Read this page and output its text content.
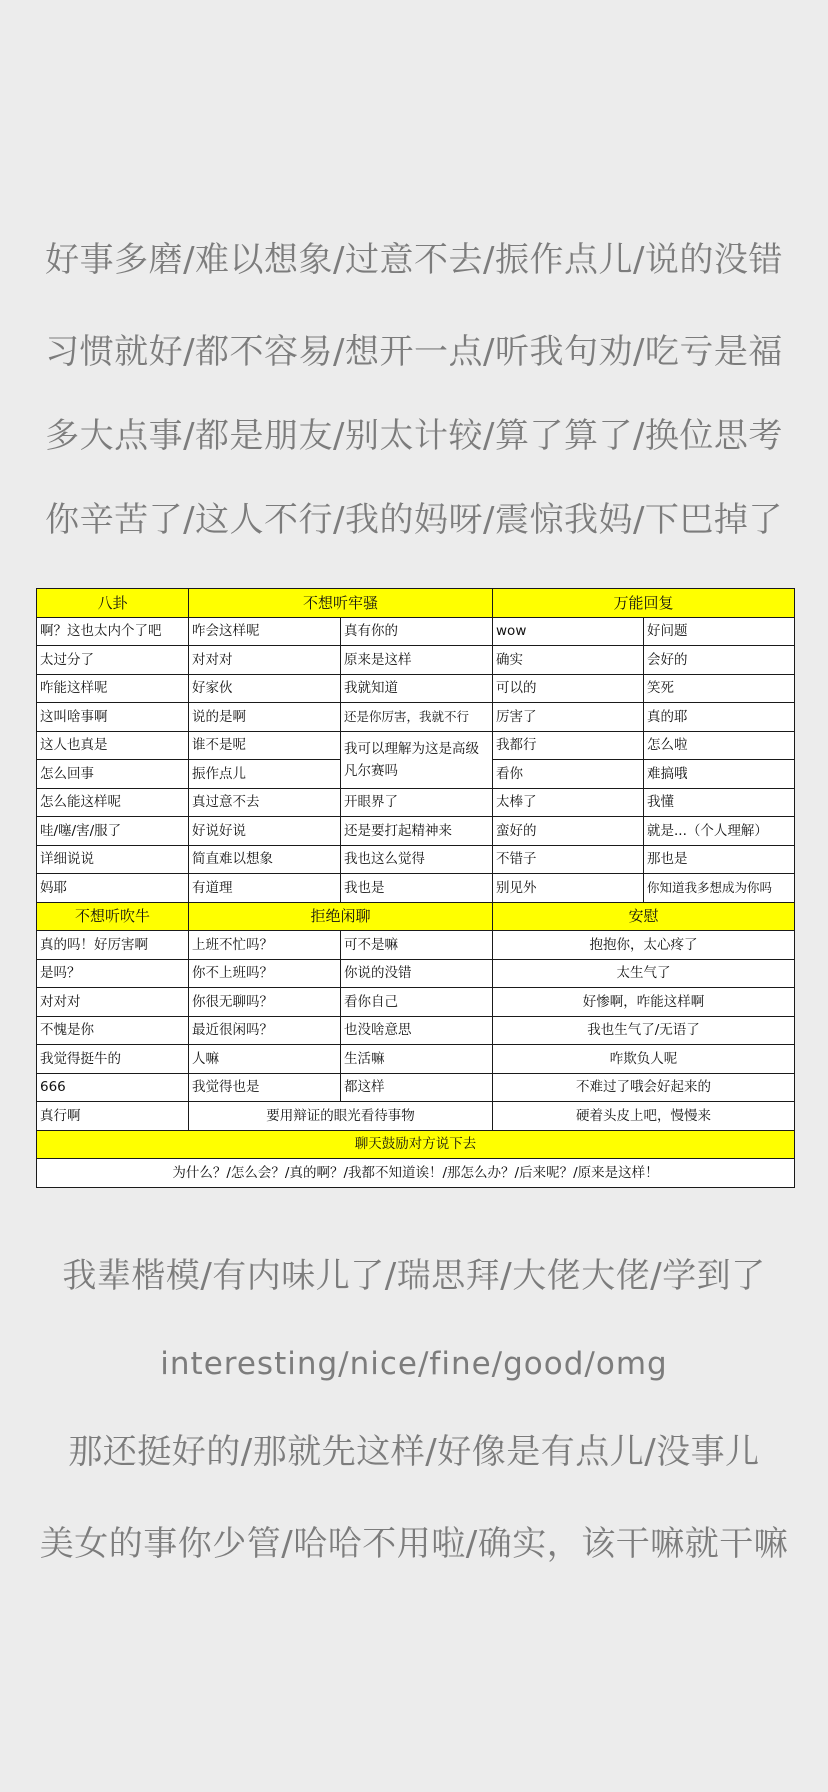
好事多磨/难以想象/过意不去/振作点儿/说的没错
习惯就好/都不容易/想开一点/听我句劝/吃亏是福
多大点事/都是朋友/别太计较/算了算了/换位思考
你辛苦了/这人不行/我的妈呀/震惊我妈/下巴掉了
八卦	不想听牢骚		万能回复	
啊？这也太内个了吧	咋会这样呢	真有你的	wow	好问题
太过分了	对对对	原来是这样	确实	会好的
咋能这样呢	好家伙	我就知道	可以的	笑死
这叫啥事啊	说的是啊	还是你厉害，我就不行	厉害了	真的耶
这人也真是	谁不是呢	我可以理解为这是高级凡尔赛吗	我都行	怎么啦
怎么回事	振作点儿		看你	难搞哦
怎么能这样呢	真过意不去	开眼界了	太棒了	我懂
哇/噻/害/服了	好说好说	还是要打起精神来	蛮好的	就是...（个人理解）
详细说说	简直难以想象	我也这么觉得	不错子	那也是
妈耶	有道理	我也是	别见外	你知道我多想成为你吗
不想听吹牛	拒绝闲聊		安慰	
真的吗！好厉害啊	上班不忙吗？	可不是嘛	抱抱你，太心疼了	
是吗？	你不上班吗？	你说的没错	太生气了	
对对对	你很无聊吗？	看你自己	好惨啊，咋能这样啊	
不愧是你	最近很闲吗？	也没啥意思	我也生气了/无语了	
我觉得挺牛的	人嘛	生活嘛	咋欺负人呢	
666	我觉得也是	都这样	不难过了哦会好起来的	
真行啊	要用辩证的眼光看待事物		硬着头皮上吧，慢慢来	
聊天鼓励对方说下去				
为什么？/怎么会？/真的啊？/我都不知道诶！/那怎么办？/后来呢？/原来是这样！				
我辈楷模/有内味儿了/瑞思拜/大佬大佬/学到了
interesting/nice/fine/good/omg
那还挺好的/那就先这样/好像是有点儿/没事儿
美女的事你少管/哈哈不用啦/确实，该干嘛就干嘛
